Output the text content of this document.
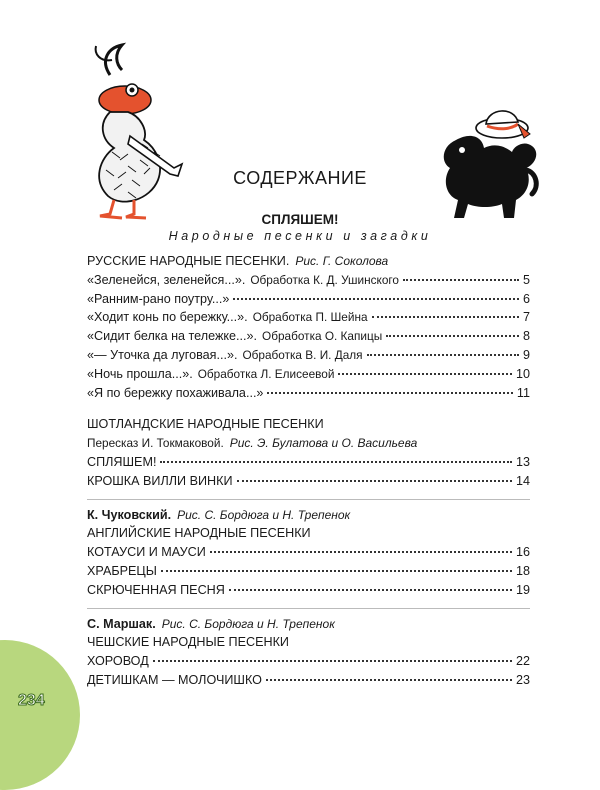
СОДЕРЖАНИЕ
СПЛЯШЕМ!
Народные песенки и загадки
РУССКИЕ НАРОДНЫЕ ПЕСЕНКИ. Рис. Г. Соколова
«Зеленейся, зеленейся...». Обработка К. Д. Ушинского	5
«Ранним-рано поутру...»	6
«Ходит конь по бережку...». Обработка П. Шейна	7
«Сидит белка на тележке...». Обработка О. Капицы	8
«— Уточка да луговая...». Обработка В. И. Даля	9
«Ночь прошла...». Обработка Л. Елисеевой	10
«Я по бережку похаживала...»	11
ШОТЛАНДСКИЕ НАРОДНЫЕ ПЕСЕНКИ
Пересказ И. Токмаковой. Рис. Э. Булатова и О. Васильева
СПЛЯШЕМ!	13
КРОШКА ВИЛЛИ ВИНКИ	14
К. Чуковский. Рис. С. Бордюга и Н. Трепенок
АНГЛИЙСКИЕ НАРОДНЫЕ ПЕСЕНКИ
КОТАУСИ И МАУСИ	16
ХРАБРЕЦЫ	18
СКРЮЧЕННАЯ ПЕСНЯ	19
С. Маршак. Рис. С. Бордюга и Н. Трепенок
ЧЕШСКИЕ НАРОДНЫЕ ПЕСЕНКИ
ХОРОВОД	22
ДЕТИШКАМ — МОЛОЧИШКО	23
234
